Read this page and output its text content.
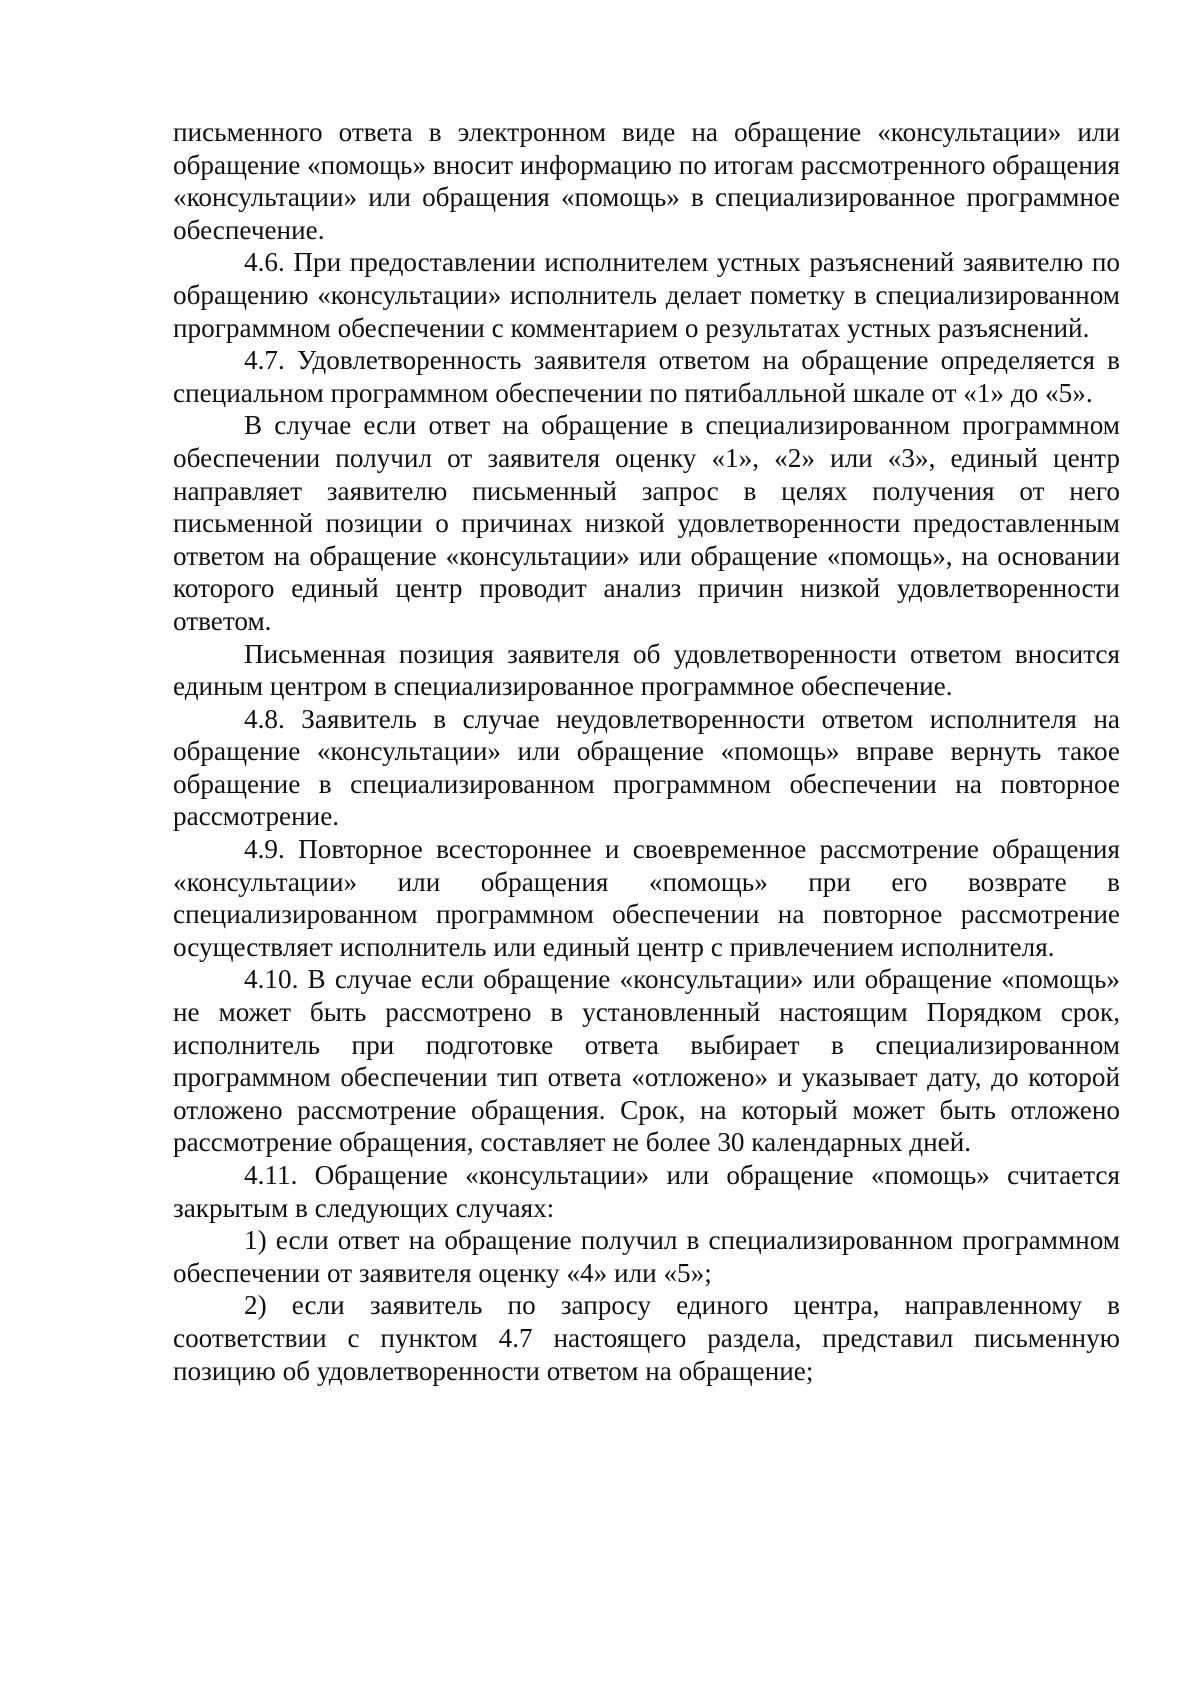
письменного ответа в электронном виде на обращение «консультации» или обращение «помощь» вносит информацию по итогам рассмотренного обращения «консультации» или обращения «помощь» в специализированное программное обеспечение.

4.6. При предоставлении исполнителем устных разъяснений заявителю по обращению «консультации» исполнитель делает пометку в специализированном программном обеспечении с комментарием о результатах устных разъяснений.

4.7. Удовлетворенность заявителя ответом на обращение определяется в специальном программном обеспечении по пятибалльной шкале от «1» до «5».

В случае если ответ на обращение в специализированном программном обеспечении получил от заявителя оценку «1», «2» или «3», единый центр направляет заявителю письменный запрос в целях получения от него письменной позиции о причинах низкой удовлетворенности предоставленным ответом на обращение «консультации» или обращение «помощь», на основании которого единый центр проводит анализ причин низкой удовлетворенности ответом.

Письменная позиция заявителя об удовлетворенности ответом вносится единым центром в специализированное программное обеспечение.

4.8. Заявитель в случае неудовлетворенности ответом исполнителя на обращение «консультации» или обращение «помощь» вправе вернуть такое обращение в специализированном программном обеспечении на повторное рассмотрение.

4.9. Повторное всестороннее и своевременное рассмотрение обращения «консультации» или обращения «помощь» при его возврате в специализированном программном обеспечении на повторное рассмотрение осуществляет исполнитель или единый центр с привлечением исполнителя.

4.10. В случае если обращение «консультации» или обращение «помощь» не может быть рассмотрено в установленный настоящим Порядком срок, исполнитель при подготовке ответа выбирает в специализированном программном обеспечении тип ответа «отложено» и указывает дату, до которой отложено рассмотрение обращения. Срок, на который может быть отложено рассмотрение обращения, составляет не более 30 календарных дней.

4.11. Обращение «консультации» или обращение «помощь» считается закрытым в следующих случаях:

1) если ответ на обращение получил в специализированном программном обеспечении от заявителя оценку «4» или «5»;

2) если заявитель по запросу единого центра, направленному в соответствии с пунктом 4.7 настоящего раздела, представил письменную позицию об удовлетворенности ответом на обращение;
